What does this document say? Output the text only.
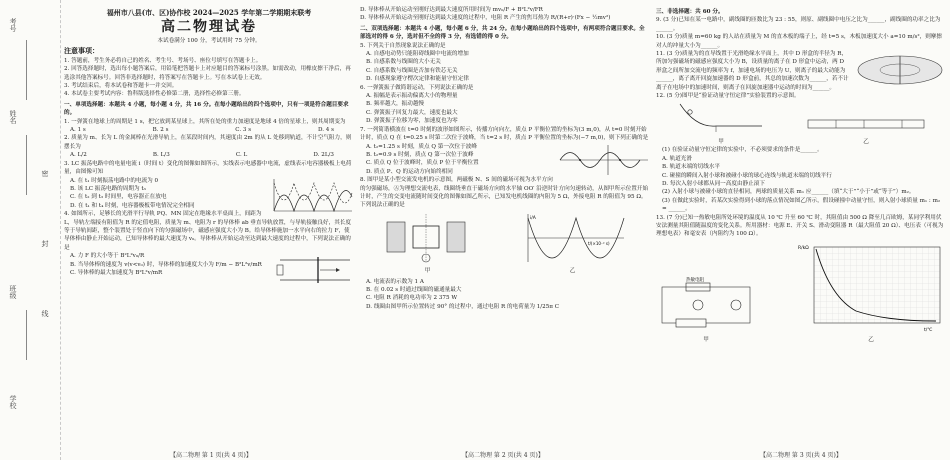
考号
姓名
密
封
线
班级
学校

福州市八县(市、区)协作校 2024—2025 学年第二学期期末联考

高二物理试卷

本试卷满分 100 分，考试用时 75 分钟。

注意事项：

1. 答题前，考生务必将自己的姓名、考生号、考场号、座位号填写在答题卡上。

2. 回答选择题时，选出每小题答案后，用铅笔把答题卡上对应题目的答案标号涂黑。如需改动，用橡皮擦干净后，再选涂其他答案标号。回答非选择题时，将答案写在答题卡上。写在本试卷上无效。

3. 考试结束后，将本试卷和答题卡一并交回。

4. 本试卷主要考试内容：鲁科版选择性必修第二册，选择性必修第三册。

一、单项选择题：本题共 4 小题，每小题 4 分，共 16 分。在每小题给出的四个选项中，只有一项是符合题目要求的。

1. 一弹簧在地球上的周期是 1 s，把它放到某星球上，其所在处的重力加速度是地球 4 倍的星球上，则其周期变为

A. 1 s	B. 2 s	C. 3 s	D. 4 s

2. 质量为 m、长为 L 的金属棒在光滑导轨上，在某段时间内，其速度由 2m 的从 L 处移到轨道，不计空气阻力，则摆长为

A. L/2	B. L/3	C. L	D. 2L/3

3. LC 振荡电路中的电量电流 i（时间 t）变化的图像如图所示，实线表示电感器中电流，虚线表示电容器极板上电荷量，由图像可知

A. 在 t₁ 时刻振荡电路中的电流为 0

B. 该 LC 振荡电路的周期为 t₃

C. 在 t₂ 到 t₃ 时间里，电容器正在放电

D. 在 t₁ 和 t₄ 时刻，电容器极板带电情况完全相同

4. 如图所示，足够长的光滑平行导轨 PQ、MN 固定在绝缘水平桌面上，间距为 L，导轨左端接有阻值为 R 的定值电阻，质量为 m、电阻为 r 的导体棒 ab 垂直导轨放置，与导轨接触良好，其长度等于导轨间距，整个装置处于竖直向下的匀强磁场中，磁感应强度大小为 B。给导体棒施加一水平向右的拉力 F，使导体棒由静止开始运动，已知导体棒的最大速度为 v₀。导体棒从开始运动至达到最大速度的过程中，下列说法正确的是

A. 力 F 的大小等于 B²L²v₀/R

B. 当导体棒的速度为 v(v<v₀) 时，导体棒的加速度大小为 F/m − B²L²v/mR

C. 导体棒的最大加速度为 B²L²v/mR

【高二物理 第 1 页(共 4 页)】

D. 导体棒从开始运动至刚好达到最大速度所用时间为 mv₀/F + B²L²v/FR

D. 导体棒从开始运动至刚好达到最大速度的过程中，电阻 R 产生的焦耳热为 R/(R+r)·(Fx − ½mv²)

二、双项选择题：本题共 4 小题，每小题 6 分，共 24 分。在每小题给出的四个选项中，有两项符合题目要求。全部选对的得 6 分，选对但不全的得 3 分，有选错的得 0 分。

5. 下列关于自然现象说法正确的是

A. 自感电动势只能阻碍线圈中电流的增加

B. 自感系数与线圈的大小无关

C. 自感系数与线圈是否加有铁芯无关

D. 自感现象遵守楞次定律和能量守恒定律

6. 一弹簧振子做简谐运动，下列说法正确的是

A. 振幅是表示振动偏离大小的物理量

B. 频率越大，振动越慢

C. 弹簧振子回复力最大，速度也最大

D. 弹簧振子位移为零，加速度也为零

7. 一列简谐横波在 t=0 时刻的波形如图所示，传播方向向左，质点 P 平衡位置的坐标为(3 m,0)，从 t=0 时刻开始计时，质点 Q 在 t=0.25 s 时第二次位于波峰，当 t=2 s 时，质点 P 平衡位置的坐标为(−7 m,0)，则下列正确的是

A. t₂=1.25 s 时刻，质点 Q 第一次位于波峰

B. t₂=0.9 s 时刻，质点 Q 第一次位于波峰

C. 质点 Q 位于波峰时，质点 P 位于平衡位置

D. 质点 P、Q 的运动方向始终相同

8. 图甲是某小型交流发电机的示意图，两磁极 N、S 间的磁场可视为水平方向的匀强磁场，Ⓐ为理想交流电表，线圈绕垂直于磁场方向的水平轴 OO′ 沿逆时针方向匀速转动，从图甲所示位置开始计时，产生的交变电流随时间变化的图像如图乙所示，已知发电机线圈的内阻为 5 Ω，外接电阻 R 的阻值为 95 Ω。下列说法正确的是

甲
i/A
t/(×10⁻² s)
乙

A. 电流表的示数为 1 A

B. 在 0.02 s 时通过线圈的磁通量最大

C. 电阻 R 消耗的电功率为 2 375 W

D. 线圈由图甲所示位置转过 90° 的过程中，通过电阻 R 的电荷量为 1/25π C

【高二物理 第 2 页(共 4 页)】

三、非选择题：共 60 分。

9. (3 分)已知在某一电路中，副线圈的匝数比为 23 : 55，则原、副线圈中电压之比为______，副线圈的功率之比为______。

10. (3 分)质量 m=60 kg 的人站在质量为 M 的直木板的端子上，经 t=5 s，木板加速度大小 a=10 m/s²，则摩擦对人的冲量大小为______。

11. (3 分)质量为的直导线置于光滑绝缘水平面上，其中 D 形盒的半径为 R，所加匀强磁场的磁感应强度大小为 B，设质量的离子在 D 形盒中运动，两 D 形盒之间所加交流电的频率为 f，加速电场的电压为 U，则离子的最大动能为______，离子离开回旋加速器的 D 形盒前，其总的加速次数为______，若不计离子在电场中的加速时间，则离子在回旋加速器中运动的时间为______。

12. (5 分)图甲是“验证动量守恒定律”实验装置的示意图。

甲	乙

(1) 在验证动量守恒定律的实验中，不必须要求的条件是______。

A. 轨道光滑

B. 轨道末端的切线水平

C. 碰撞的瞬间入射小球和被碰小球的球心连线与轨道末端的切线平行

D. 每次入射小球都从同一高度由静止滚下

(2) 入射小球与被碰小球的直径相同，两球的质量关系 m₁ 应______（填“大于”“小于”或“等于”）m₂。

(3) 在做此实验时，若某次实验得到小球的落点情况如图乙所示，假设碰撞中动量守恒，则入射小球质量 m₁ : m₂ = ______。

13. (7 分)已知一热敏电阻所处环境的温度从 10 ℃ 升至 60 ℃ 时，其阻值由 500 Ω 降至几百欧姆，某同学利用伏安法测量其阻值随温度的变化关系。所用器材：电源 E、开关 S、滑动变阻器 R（最大阻值 20 Ω）、电压表（可视为理想电表）和毫安表（内阻约为 100 Ω）。

热敏电阻
甲
R/kΩ
t/℃
乙
【高二物理 第 3 页(共 4 页)】
